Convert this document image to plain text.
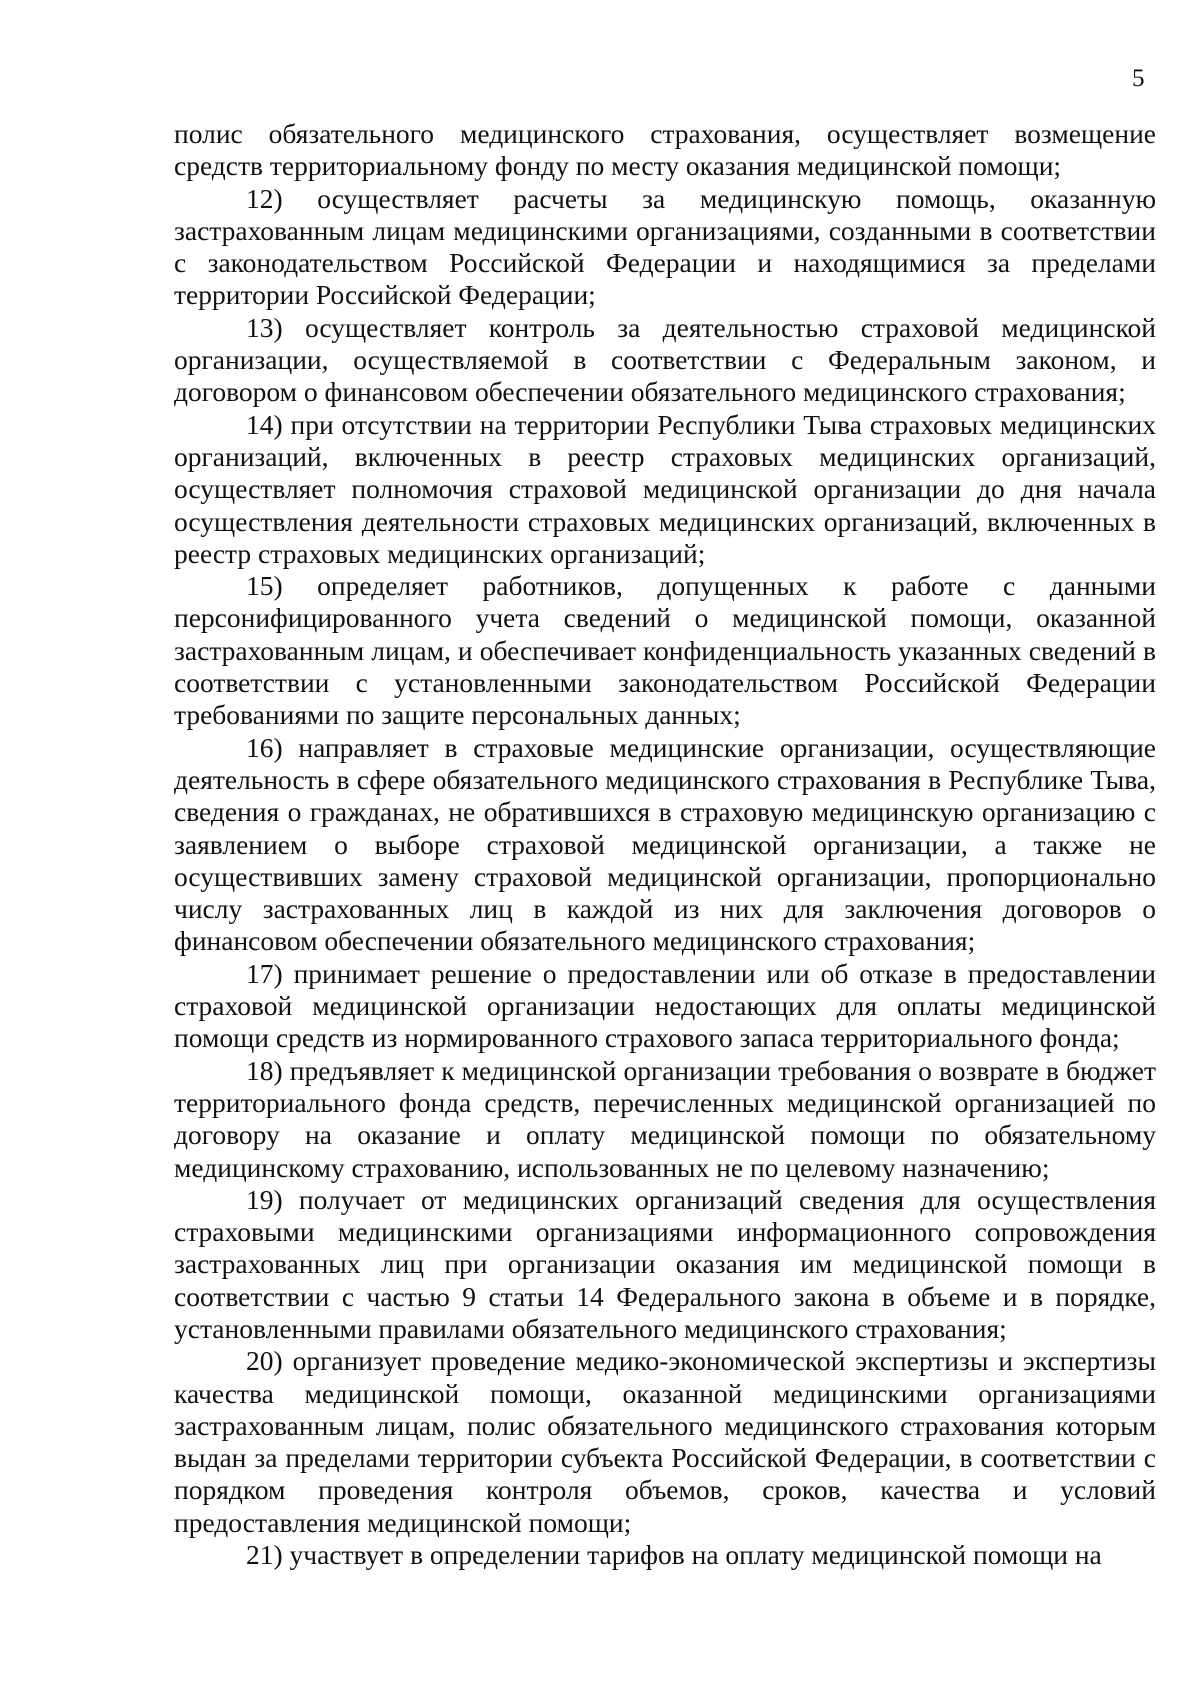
5

полис обязательного медицинского страхования, осуществляет возмещение средств территориальному фонду по месту оказания медицинской помощи;

12) осуществляет расчеты за медицинскую помощь, оказанную застрахованным лицам медицинскими организациями, созданными в соответствии с законодательством Российской Федерации и находящимися за пределами территории Российской Федерации;

13) осуществляет контроль за деятельностью страховой медицинской организации, осуществляемой в соответствии с Федеральным законом, и договором о финансовом обеспечении обязательного медицинского страхования;

14) при отсутствии на территории Республики Тыва страховых медицинских организаций, включенных в реестр страховых медицинских организаций, осуществляет полномочия страховой медицинской организации до дня начала осуществления деятельности страховых медицинских организаций, включенных в реестр страховых медицинских организаций;

15) определяет работников, допущенных к работе с данными персонифицированного учета сведений о медицинской помощи, оказанной застрахованным лицам, и обеспечивает конфиденциальность указанных сведений в соответствии с установленными законодательством Российской Федерации требованиями по защите персональных данных;

16) направляет в страховые медицинские организации, осуществляющие деятельность в сфере обязательного медицинского страхования в Республике Тыва, сведения о гражданах, не обратившихся в страховую медицинскую организацию с заявлением о выборе страховой медицинской организации, а также не осуществивших замену страховой медицинской организации, пропорционально числу застрахованных лиц в каждой из них для заключения договоров о финансовом обеспечении обязательного медицинского страхования;

17) принимает решение о предоставлении или об отказе в предоставлении страховой медицинской организации недостающих для оплаты медицинской помощи средств из нормированного страхового запаса территориального фонда;

18) предъявляет к медицинской организации требования о возврате в бюджет территориального фонда средств, перечисленных медицинской организацией по договору на оказание и оплату медицинской помощи по обязательному медицинскому страхованию, использованных не по целевому назначению;

19) получает от медицинских организаций сведения для осуществления страховыми медицинскими организациями информационного сопровождения застрахованных лиц при организации оказания им медицинской помощи в соответствии с частью 9 статьи 14 Федерального закона в объеме и в порядке, установленными правилами обязательного медицинского страхования;

20) организует проведение медико-экономической экспертизы и экспертизы качества медицинской помощи, оказанной медицинскими организациями застрахованным лицам, полис обязательного медицинского страхования которым выдан за пределами территории субъекта Российской Федерации, в соответствии с порядком проведения контроля объемов, сроков, качества и условий предоставления медицинской помощи;

21) участвует в определении тарифов на оплату медицинской помощи на
